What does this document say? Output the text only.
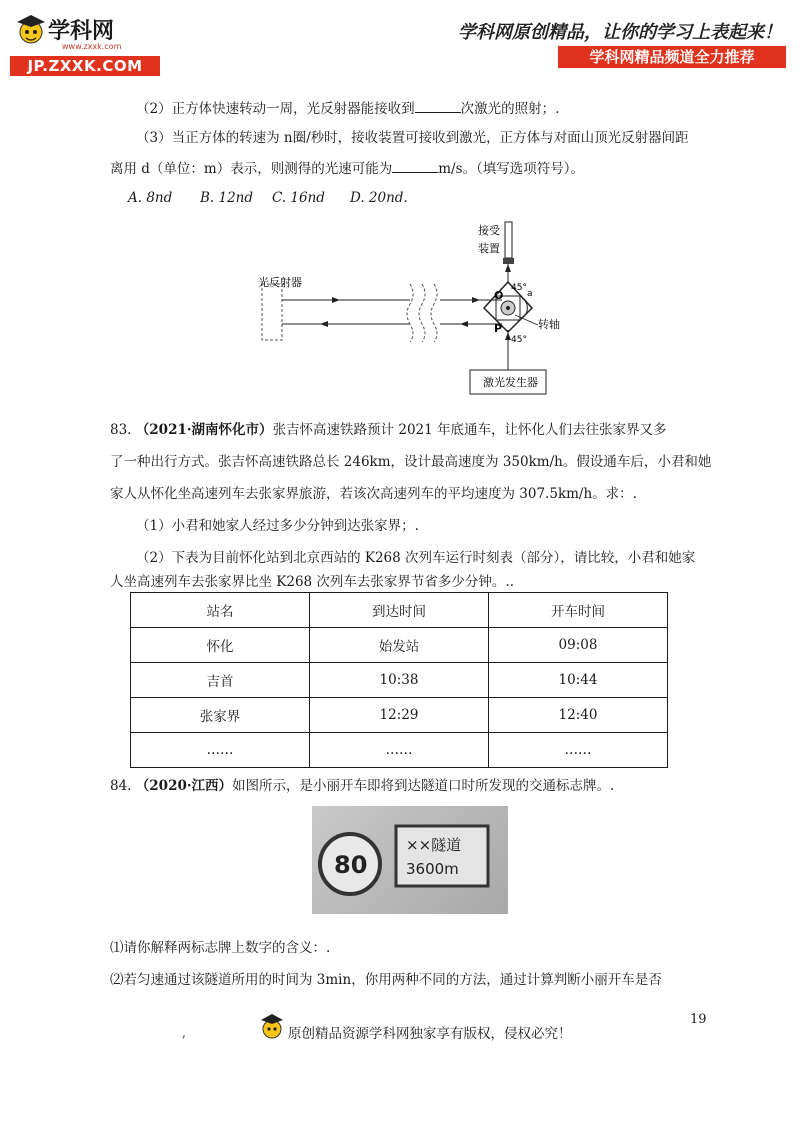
学科网
www.zxxk.com
JP.ZXXK.COM
学科网原创精品，让你的学习上表起来！
学科网精品频道全力推荐
（2）正方体快速转动一周，光反射器能接收到	次激光的照射；.
（3）当正方体的转速为 n圈/秒时，接收装置可接收到激光，正方体与对面山顶光反射器间距
离用 d（单位：m）表示，则测得的光速可能为	m/s。（填写选项符号）。
A. 8nd B. 12nd C. 16nd D. 20nd.
接受
装置
O
P
a
45°
45°
转轴
光反射器
激光发生器
83. （2021·湖南怀化市）张吉怀高速铁路预计 2021 年底通车，让怀化人们去往张家界又多
了一种出行方式。张吉怀高速铁路总长 246km，设计最高速度为 350km/h。假设通车后，小君和她
家人从怀化坐高速列车去张家界旅游，若该次高速列车的平均速度为 307.5km/h。求：.
（1）小君和她家人经过多少分钟到达张家界；.
（2）下表为目前怀化站到北京西站的 K268 次列车运行时刻表（部分），请比较，小君和她家
人坐高速列车去张家界比坐 K268 次列车去张家界节省多少分钟。..
站名	到达时间	开车时间
怀化	始发站	09:08
吉首	10:38	10:44
张家界	12:29	12:40
……	……	……
84. （2020·江西）如图所示，是小丽开车即将到达隧道口时所发现的交通标志牌。.
80
××隧道
3600m
⑴请你解释两标志牌上数字的含义：.
⑵若匀速通过该隧道所用的时间为 3min，你用两种不同的方法，通过计算判断小丽开车是否
19
,	原创精品资源学科网独家享有版权，侵权必究！
